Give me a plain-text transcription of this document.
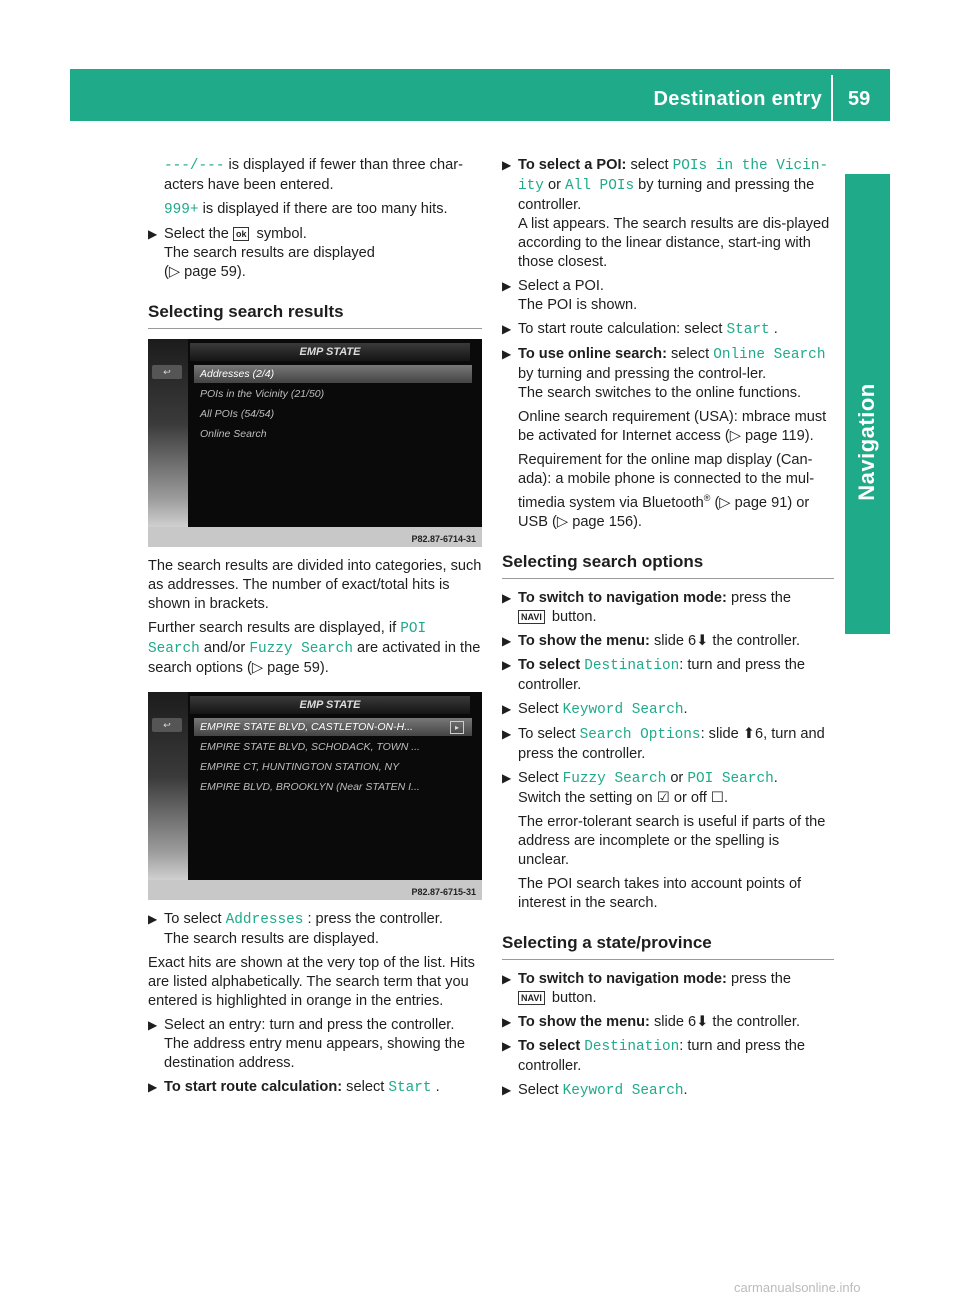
Destination entry 59
Navigation

---/--- is displayed if fewer than three char-acters have been entered.

999+ is displayed if there are too many hits.

▶ Select the ok symbol.
The search results are displayed
(▷ page 59).
Selecting search results
↩
EMP STATE
Addresses (2/4)
POIs in the Vicinity (21/50)
All POIs (54/54)
Online Search
P82.87-6714-31

The search results are divided into categories, such as addresses. The number of exact/total hits is shown in brackets.

Further search results are displayed, if POI Search and/or Fuzzy Search are activated in the search options (▷ page 59).

↩
EMP STATE
EMPIRE STATE BLVD, CASTLETON-ON-H...	▸
EMPIRE STATE BLVD, SCHODACK, TOWN ...
EMPIRE CT, HUNTINGTON STATION, NY
EMPIRE BLVD, BROOKLYN (Near STATEN I...
P82.87-6715-31
▶ To select Addresses : press the controller.
The search results are displayed.

Exact hits are shown at the very top of the list. Hits are listed alphabetically. The search term that you entered is highlighted in orange in the entries.

▶ Select an entry: turn and press the controller.
The address entry menu appears, showing the destination address.
▶ To start route calculation: select Start .
▶ To select a POI: select POIs in the Vicin-ity or All POIs by turning and pressing the controller.
A list appears. The search results are dis-played according to the linear distance, start-ing with those closest.
▶ Select a POI.
The POI is shown.
▶ To start route calculation: select Start .
▶ To use online search: select Online Search by turning and pressing the control-ler.
The search switches to the online functions.

Online search requirement (USA): mbrace must be activated for Internet access (▷ page 119).

Requirement for the online map display (Can-ada): a mobile phone is connected to the mul-timedia system via Bluetooth® (▷ page 91) or USB (▷ page 156).

Selecting search options
▶ To switch to navigation mode: press the
NAVI button.
▶ To show the menu: slide 6⬇ the controller.
▶ To select Destination: turn and press the controller.
▶ Select Keyword Search.
▶ To select Search Options: slide ⬆6, turn and press the controller.
▶ Select Fuzzy Search or POI Search.
Switch the setting on ☑ or off ☐.

The error-tolerant search is useful if parts of the address are incomplete or the spelling is unclear.

The POI search takes into account points of interest in the search.

Selecting a state/province
▶ To switch to navigation mode: press the
NAVI button.
▶ To show the menu: slide 6⬇ the controller.
▶ To select Destination: turn and press the controller.
▶ Select Keyword Search.
carmanualsonline.info
